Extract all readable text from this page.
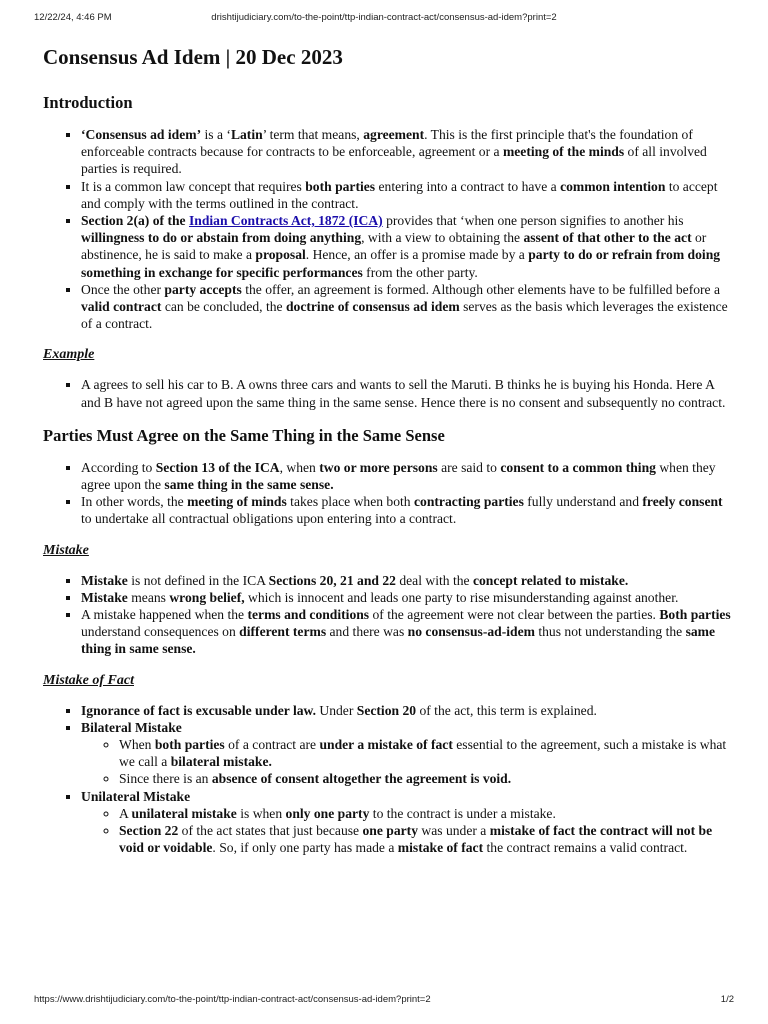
12/22/24, 4:46 PM	drishtijudiciary.com/to-the-point/ttp-indian-contract-act/consensus-ad-idem?print=2
Consensus Ad Idem | 20 Dec 2023
Introduction
▪ ‘Consensus ad idem’ is a ‘Latin’ term that means, agreement. This is the first principle that's the foundation of enforceable contracts because for contracts to be enforceable, agreement or a meeting of the minds of all involved parties is required.
▪ It is a common law concept that requires both parties entering into a contract to have a common intention to accept and comply with the terms outlined in the contract.
▪ Section 2(a) of the Indian Contracts Act, 1872 (ICA) provides that ‘when one person signifies to another his willingness to do or abstain from doing anything, with a view to obtaining the assent of that other to the act or abstinence, he is said to make a proposal. Hence, an offer is a promise made by a party to do or refrain from doing something in exchange for specific performances from the other party.
▪ Once the other party accepts the offer, an agreement is formed. Although other elements have to be fulfilled before a valid contract can be concluded, the doctrine of consensus ad idem serves as the basis which leverages the existence of a contract.
Example
▪ A agrees to sell his car to B. A owns three cars and wants to sell the Maruti. B thinks he is buying his Honda. Here A and B have not agreed upon the same thing in the same sense. Hence there is no consent and subsequently no contract.
Parties Must Agree on the Same Thing in the Same Sense
▪ According to Section 13 of the ICA, when two or more persons are said to consent to a common thing when they agree upon the same thing in the same sense.
▪ In other words, the meeting of minds takes place when both contracting parties fully understand and freely consent to undertake all contractual obligations upon entering into a contract.
Mistake
▪ Mistake is not defined in the ICA Sections 20, 21 and 22 deal with the concept related to mistake.
▪ Mistake means wrong belief, which is innocent and leads one party to rise misunderstanding against another.
▪ A mistake happened when the terms and conditions of the agreement were not clear between the parties. Both parties understand consequences on different terms and there was no consensus-ad-idem thus not understanding the same thing in same sense.
Mistake of Fact
▪ Ignorance of fact is excusable under law. Under Section 20 of the act, this term is explained.
▪ Bilateral Mistake
◦ When both parties of a contract are under a mistake of fact essential to the agreement, such a mistake is what we call a bilateral mistake.
◦ Since there is an absence of consent altogether the agreement is void.
▪ Unilateral Mistake
◦ A unilateral mistake is when only one party to the contract is under a mistake.
◦ Section 22 of the act states that just because one party was under a mistake of fact the contract will not be void or voidable. So, if only one party has made a mistake of fact the contract remains a valid contract.
https://www.drishtijudiciary.com/to-the-point/ttp-indian-contract-act/consensus-ad-idem?print=2	1/2
